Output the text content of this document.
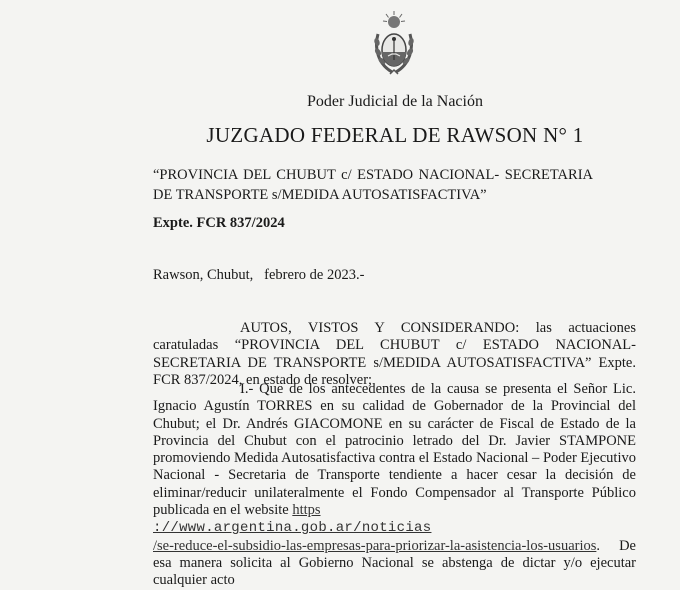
Poder Judicial de la Nación
JUZGADO FEDERAL DE RAWSON N° 1
“PROVINCIA DEL CHUBUT c/ ESTADO NACIONAL- SECRETARIA DE TRANSPORTE s/MEDIDA AUTOSATISFACTIVA”
Expte. FCR 837/2024
Rawson, Chubut,   febrero de 2023.-
AUTOS, VISTOS Y CONSIDERANDO: las actuaciones caratuladas “PROVINCIA DEL CHUBUT c/ ESTADO NACIONAL- SECRETARIA DE TRANSPORTE s/MEDIDA AUTOSATISFACTIVA” Expte. FCR 837/2024, en estado de resolver;
I.- Que de los antecedentes de la causa se presenta el Señor Lic. Ignacio Agustín TORRES en su calidad de Gobernador de la Provincial del Chubut; el Dr. Andrés GIACOMONE en su carácter de Fiscal de Estado de la Provincia del Chubut con el patrocinio letrado del Dr. Javier STAMPONE promoviendo Medida Autosatisfactiva contra el Estado Nacional – Poder Ejecutivo Nacional - Secretaria de Transporte tendiente a hacer cesar la decisión de eliminar/reducir unilateralmente el Fondo Compensador al Transporte Público publicada en el website https
://www.argentina.gob.ar/noticias
/se-reduce-el-subsidio-las-empresas-para-priorizar-la-asistencia-los-usuarios. De esa manera solicita al Gobierno Nacional se abstenga de dictar y/o ejecutar cualquier acto
